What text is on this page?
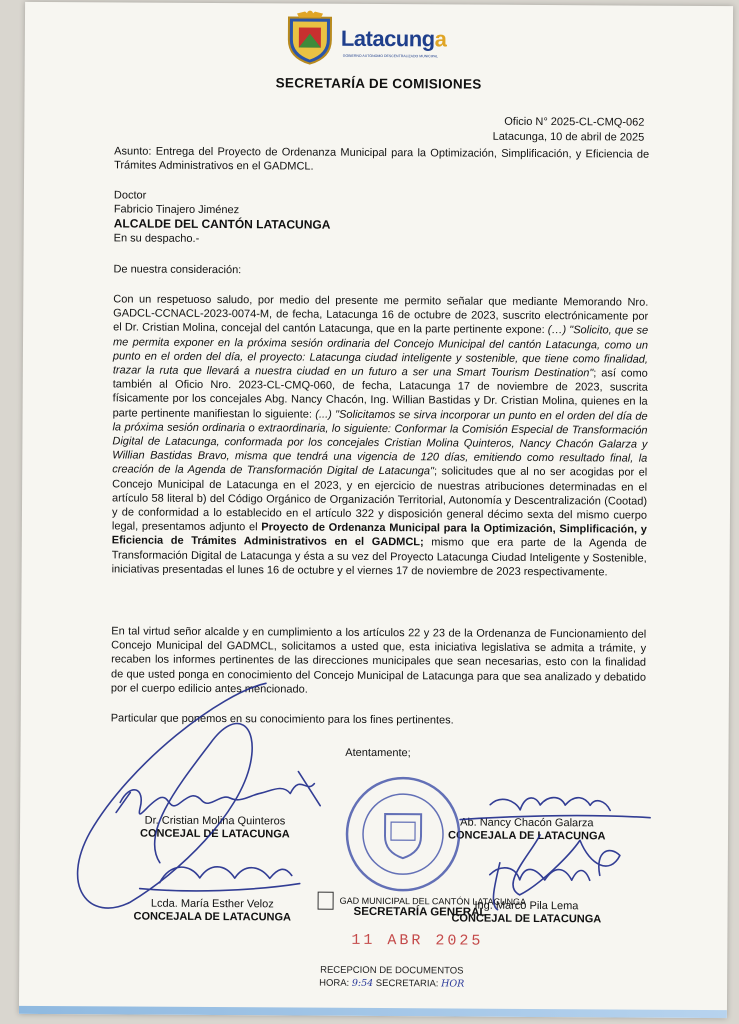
Latacunga
GOBIERNO AUTÓNOMO DESCENTRALIZADO MUNICIPAL
SECRETARÍA DE COMISIONES
Oficio N° 2025-CL-CMQ-062
Latacunga, 10 de abril de 2025
Asunto: Entrega del Proyecto de Ordenanza Municipal para la Optimización, Simplificación, y Eficiencia de Trámites Administrativos en el GADMCL.
Doctor
Fabricio Tinajero Jiménez
ALCALDE DEL CANTÓN LATACUNGA
En su despacho.-
De nuestra consideración:

Con un respetuoso saludo, por medio del presente me permito señalar que mediante Memorando Nro. GADCL-CCNACL-2023-0074-M, de fecha, Latacunga 16 de octubre de 2023, suscrito electrónicamente por el Dr. Cristian Molina, concejal del cantón Latacunga, que en la parte pertinente expone: (…) "Solicito, que se me permita exponer en la próxima sesión ordinaria del Concejo Municipal del cantón Latacunga, como un punto en el orden del día, el proyecto: Latacunga ciudad inteligente y sostenible, que tiene como finalidad, trazar la ruta que llevará a nuestra ciudad en un futuro a ser una Smart Tourism Destination"; así como también al Oficio Nro. 2023-CL-CMQ-060, de fecha, Latacunga 17 de noviembre de 2023, suscrita físicamente por los concejales Abg. Nancy Chacón, Ing. Willian Bastidas y Dr. Cristian Molina, quienes en la parte pertinente manifiestan lo siguiente: (...) "Solicitamos se sirva incorporar un punto en el orden del día de la próxima sesión ordinaria o extraordinaria, lo siguiente: Conformar la Comisión Especial de Transformación Digital de Latacunga, conformada por los concejales Cristian Molina Quinteros, Nancy Chacón Galarza y Willian Bastidas Bravo, misma que tendrá una vigencia de 120 días, emitiendo como resultado final, la creación de la Agenda de Transformación Digital de Latacunga"; solicitudes que al no ser acogidas por el Concejo Municipal de Latacunga en el 2023, y en ejercicio de nuestras atribuciones determinadas en el artículo 58 literal b) del Código Orgánico de Organización Territorial, Autonomía y Descentralización (Cootad) y de conformidad a lo establecido en el artículo 322 y disposición general décimo sexta del mismo cuerpo legal, presentamos adjunto el Proyecto de Ordenanza Municipal para la Optimización, Simplificación, y Eficiencia de Trámites Administrativos en el GADMCL; mismo que era parte de la Agenda de Transformación Digital de Latacunga y ésta a su vez del Proyecto Latacunga Ciudad Inteligente y Sostenible, iniciativas presentadas el lunes 16 de octubre y el viernes 17 de noviembre de 2023 respectivamente.

En tal virtud señor alcalde y en cumplimiento a los artículos 22 y 23 de la Ordenanza de Funcionamiento del Concejo Municipal del GADMCL, solicitamos a usted que, esta iniciativa legislativa se admita a trámite, y recaben los informes pertinentes de las direcciones municipales que sean necesarias, esto con la finalidad de que usted ponga en conocimiento del Concejo Municipal de Latacunga para que sea analizado y debatido por el cuerpo edilicio antes mencionado.
Particular que ponemos en su conocimiento para los fines pertinentes.
Atentamente;
Dr. Cristian Molina Quinteros
CONCEJAL DE LATACUNGA
Ab. Nancy Chacón Galarza
CONCEJALA DE LATACUNGA
Lcda. María Esther Veloz
CONCEJALA DE LATACUNGA
Ing. Marco Pila Lema
CONCEJAL DE LATACUNGA
GAD MUNICIPAL DEL CANTÓN LATACUNGA
SECRETARÍA GENERAL
11 ABR 2025
RECEPCION DE DOCUMENTOS
HORA: 9:54 SECRETARIA: HOR
